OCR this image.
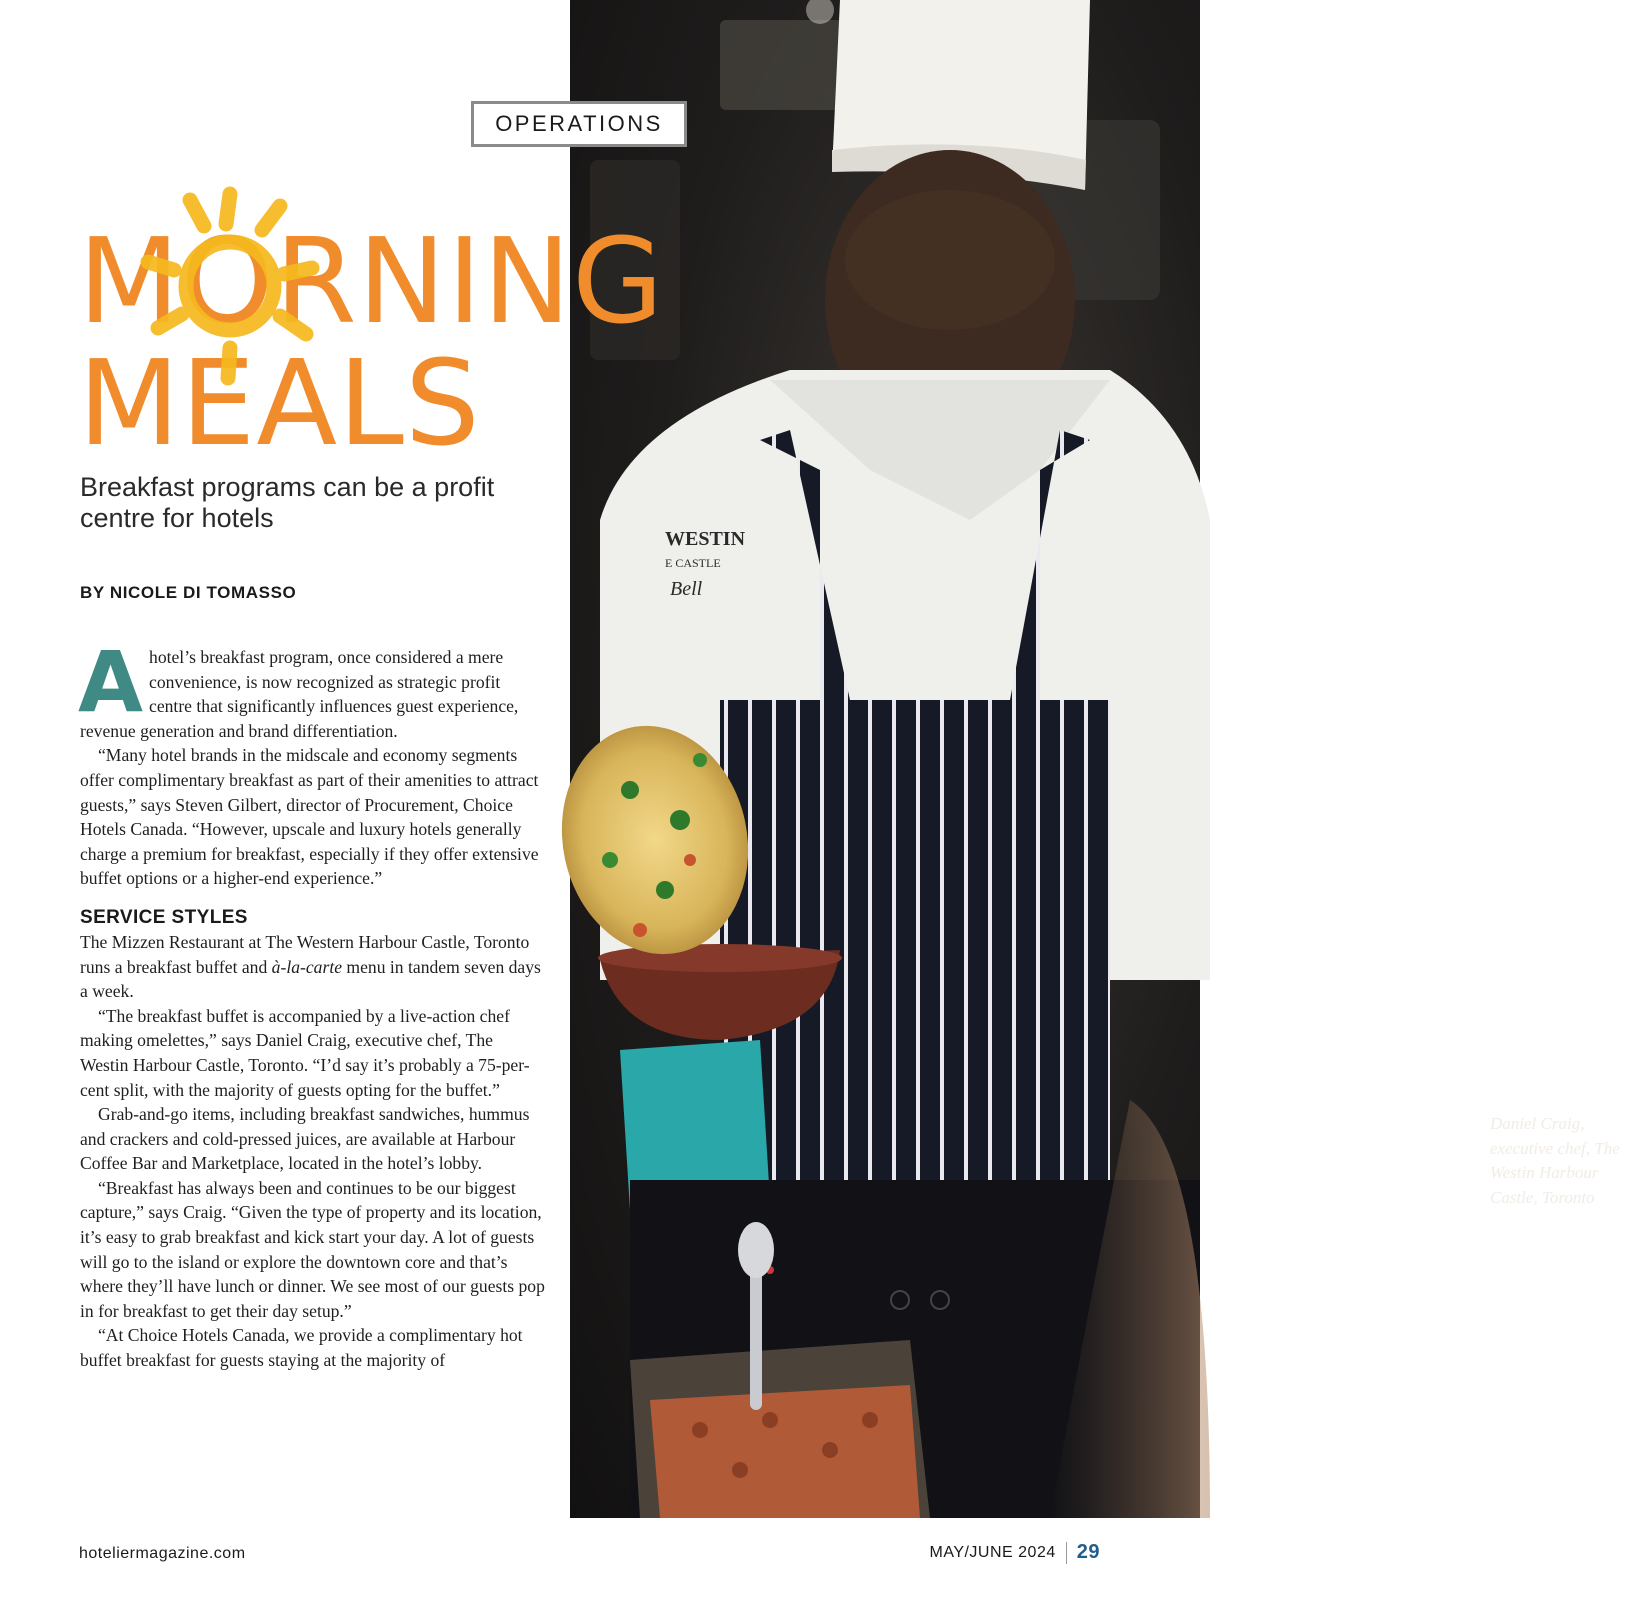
WESTIN
E CASTLE
Bell
Daniel Craig, executive chef, The Westin Harbour Castle, Toronto
OPERATIONS
MORNING
MEALS
Breakfast programs can be a profit centre for hotels
BY NICOLE DI TOMASSO

Ahotel’s breakfast program, once considered a mere convenience, is now recognized as strategic profit centre that significantly influences guest experience, revenue generation and brand differentiation.

“Many hotel brands in the midscale and economy segments offer complimentary breakfast as part of their amenities to attract guests,” says Steven Gilbert, director of Procurement, Choice Hotels Canada. “However, upscale and luxury hotels generally charge a premium for breakfast, especially if they offer extensive buffet options or a higher-end experience.”

SERVICE STYLES

The Mizzen Restaurant at The Western Harbour Castle, Toronto runs a breakfast buffet and à-la-carte menu in tandem seven days a week.

“The breakfast buffet is accompanied by a live-action chef making omelettes,” says Daniel Craig, executive chef, The Westin Harbour Castle, Toronto. “I’d say it’s probably a 75-per-cent split, with the majority of guests opting for the buffet.”

Grab-and-go items, including breakfast sandwiches, hummus and crackers and cold-pressed juices, are available at Harbour Coffee Bar and Marketplace, located in the hotel’s lobby.

“Breakfast has always been and continues to be our biggest capture,” says Craig. “Given the type of property and its location, it’s easy to grab breakfast and kick start your day. A lot of guests will go to the island or explore the downtown core and that’s where they’ll have lunch or dinner. We see most of our guests pop in for breakfast to get their day setup.”

“At Choice Hotels Canada, we provide a complimentary hot buffet breakfast for guests staying at the majority of

hoteliermagazine.com	MAY/JUNE 2024 29
